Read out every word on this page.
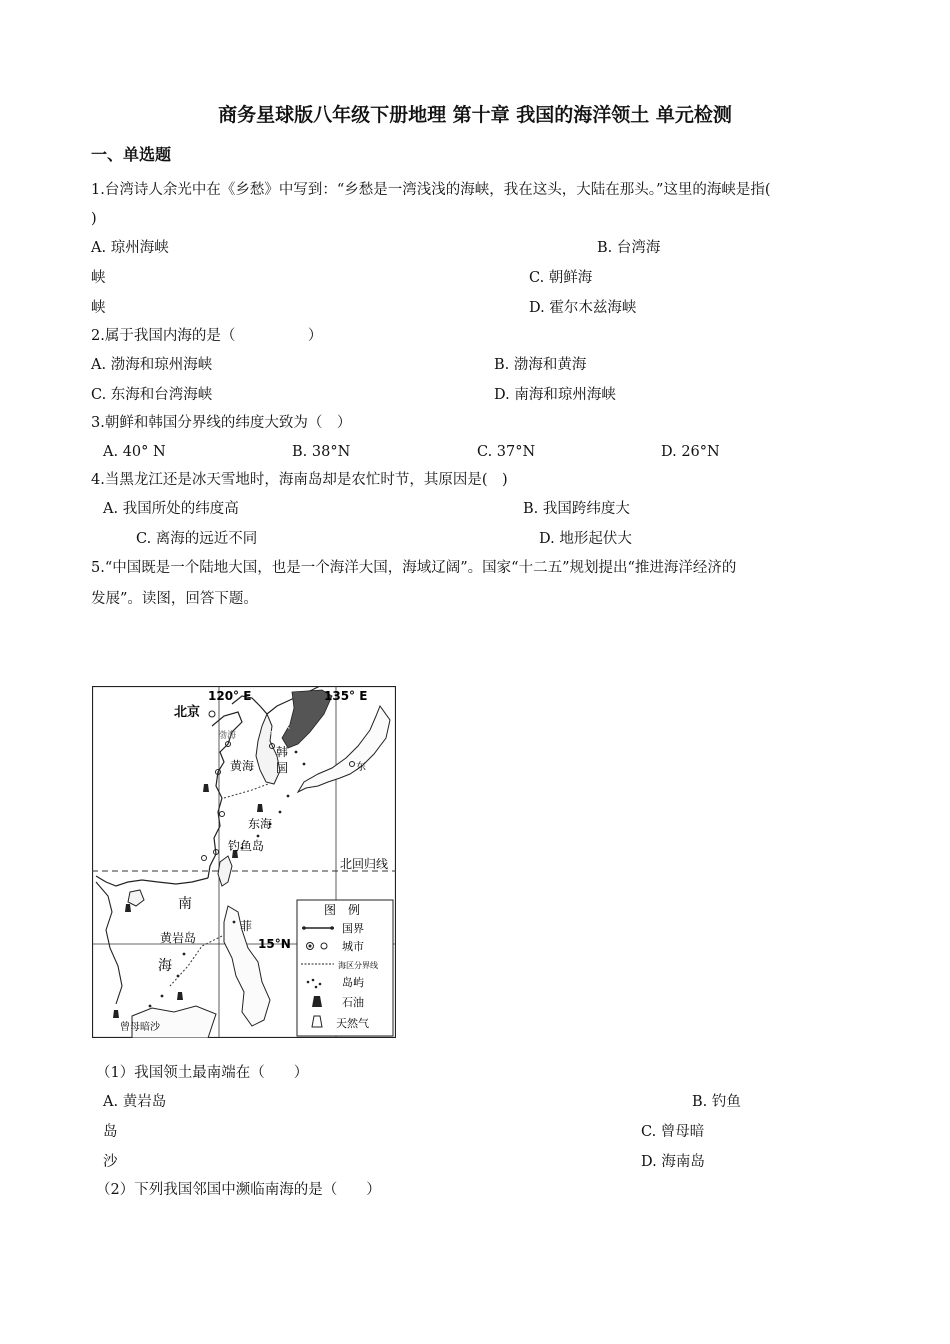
商务星球版八年级下册地理 第十章 我国的海洋领土 单元检测
一、单选题
1.台湾诗人余光中在《乡愁》中写到：“乡愁是一湾浅浅的海峡，我在这头，大陆在那头。”这里的海峡是指(
)
A. 琼州海峡	B. 台湾海
峡	C. 朝鲜海
峡	D. 霍尔木兹海峡
2.属于我国内海的是（　　　　　）
A. 渤海和琼州海峡	B. 渤海和黄海
C. 东海和台湾海峡	D. 南海和琼州海峡
3.朝鲜和韩国分界线的纬度大致为（　）
A. 40° N	B. 38°N	C. 37°N	D. 26°N
4.当黑龙江还是冰天雪地时，海南岛却是农忙时节，其原因是(　)
A. 我国所处的纬度高	B. 我国跨纬度大
C. 离海的远近不同	D. 地形起伏大
5.“中国既是一个陆地大国，也是一个海洋大国，海域辽阔”。国家“十二五”规划提出“推进海洋经济的
发展”。读图，回答下题。
120° E	135° E
北京
渤海	朝鲜
韩
国
黄海
东海
东
钓鱼岛
北回归线
南
黄岩岛
菲
15°N
海
曾母暗沙
图　例
国界
城市
海区分界线
岛屿
石油
天然气
（1）我国领土最南端在（　　）
A. 黄岩岛	B. 钓鱼
岛	C. 曾母暗
沙	D. 海南岛
（2）下列我国邻国中濒临南海的是（　　）
